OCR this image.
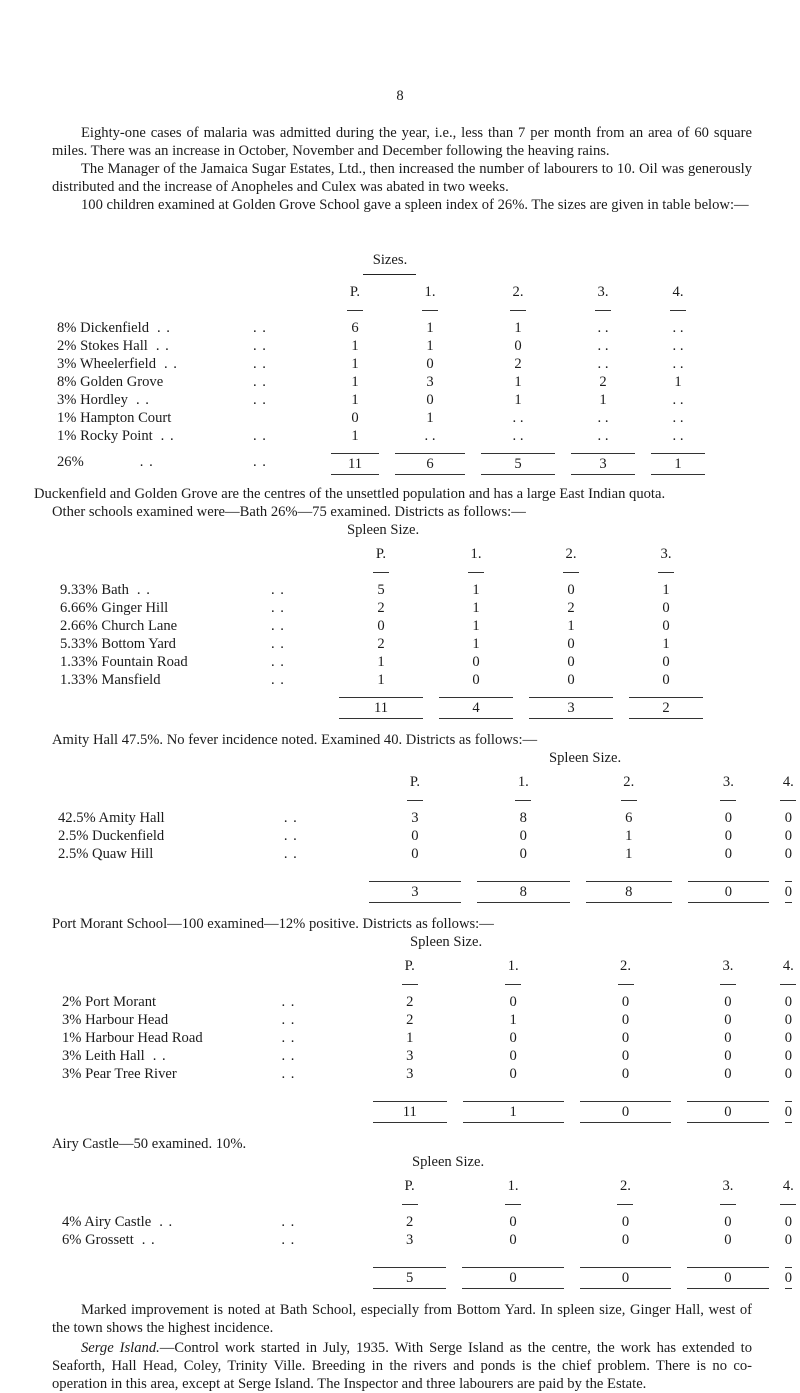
8

Eighty-one cases of malaria was admitted during the year, i.e., less than 7 per month from an area of 60 square miles. There was an increase in October, November and December following the heaving rains.

The Manager of the Jamaica Sugar Estates, Ltd., then increased the number of labourers to 10. Oil was generously distributed and the increase of Anopheles and Culex was abated in two weeks.

100 children examined at Golden Grove School gave a spleen index of 26%. The sizes are given in table below:—

Sizes.
		P.	1.	2.	3.	4.

8% Dickenfield . .	. .	6	1	1	. .	. .
2% Stokes Hall . .	. .	1	1	0	. .	. .
3% Wheelerfield . .	. .	1	0	2	. .	. .
8% Golden Grove	. .	1	3	1	2	1
3% Hordley . .	. .	1	0	1	1	. .
1% Hampton Court		0	1	. .	. .	. .
1% Rocky Point . .	. .	1	. .	. .	. .	. .

26% . .	. .	11	6	5	3	1

Duckenfield and Golden Grove are the centres of the unsettled population and has a large East Indian quota.

Other schools examined were—Bath 26%—75 examined. Districts as follows:—

Spleen Size.

		P.	1.	2.	3.

9.33% Bath . .	. .	5	1	0	1
6.66% Ginger Hill	. .	2	1	2	0
2.66% Church Lane	. .	0	1	1	0
5.33% Bottom Yard	. .	2	1	0	1
1.33% Fountain Road	. .	1	0	0	0
1.33% Mansfield	. .	1	0	0	0

		11	4	3	2

Amity Hall 47.5%. No fever incidence noted. Examined 40. Districts as follows:—

Spleen Size.

		P.	1.	2.	3.	4.

42.5% Amity Hall	. .	3	8	6	0	0
2.5% Duckenfield	. .	0	0	1	0	0
2.5% Quaw Hill	. .	0	0	1	0	0

		3	8	8	0	0

Port Morant School—100 examined—12% positive. Districts as follows:—

Spleen Size.

		P.	1.	2.	3.	4.

2% Port Morant	. .	2	0	0	0	0
3% Harbour Head	. .	2	1	0	0	0
1% Harbour Head Road	. .	1	0	0	0	0
3% Leith Hall . .	. .	3	0	0	0	0
3% Pear Tree River	. .	3	0	0	0	0

		11	1	0	0	0

Airy Castle—50 examined. 10%.

Spleen Size.

		P.	1.	2.	3.	4.

4% Airy Castle . .	. .	2	0	0	0	0
6% Grossett . .	. .	3	0	0	0	0

		5	0	0	0	0

Marked improvement is noted at Bath School, especially from Bottom Yard. In spleen size, Ginger Hall, west of the town shows the highest incidence.

Serge Island.—Control work started in July, 1935. With Serge Island as the centre, the work has extended to Seaforth, Hall Head, Coley, Trinity Ville. Breeding in the rivers and ponds is the chief problem. There is no co-operation in this area, except at Serge Island. The Inspector and three labourers are paid by the Estate.
